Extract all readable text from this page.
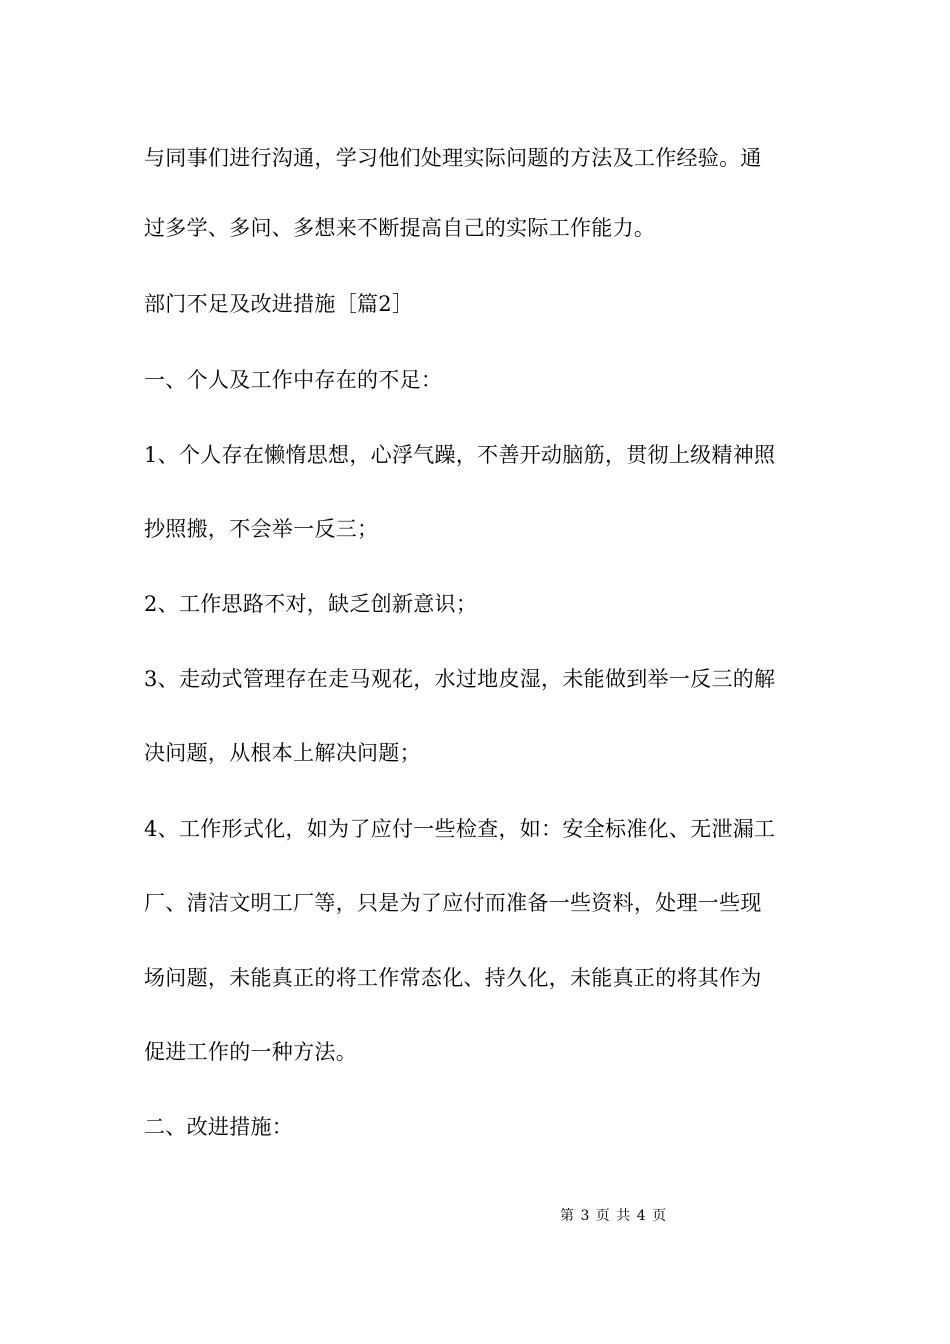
与同事们进行沟通，学习他们处理实际问题的方法及工作经验。通
过多学、多问、多想来不断提高自己的实际工作能力。
部门不足及改进措施［篇2］
一、个人及工作中存在的不足：
1、个人存在懒惰思想，心浮气躁，不善开动脑筋，贯彻上级精神照
抄照搬，不会举一反三；
2、工作思路不对，缺乏创新意识；
3、走动式管理存在走马观花，水过地皮湿，未能做到举一反三的解
决问题，从根本上解决问题；
4、工作形式化，如为了应付一些检查，如：安全标准化、无泄漏工
厂、清洁文明工厂等，只是为了应付而准备一些资料，处理一些现
场问题，未能真正的将工作常态化、持久化，未能真正的将其作为
促进工作的一种方法。
二、改进措施：
第 3 页 共 4 页
